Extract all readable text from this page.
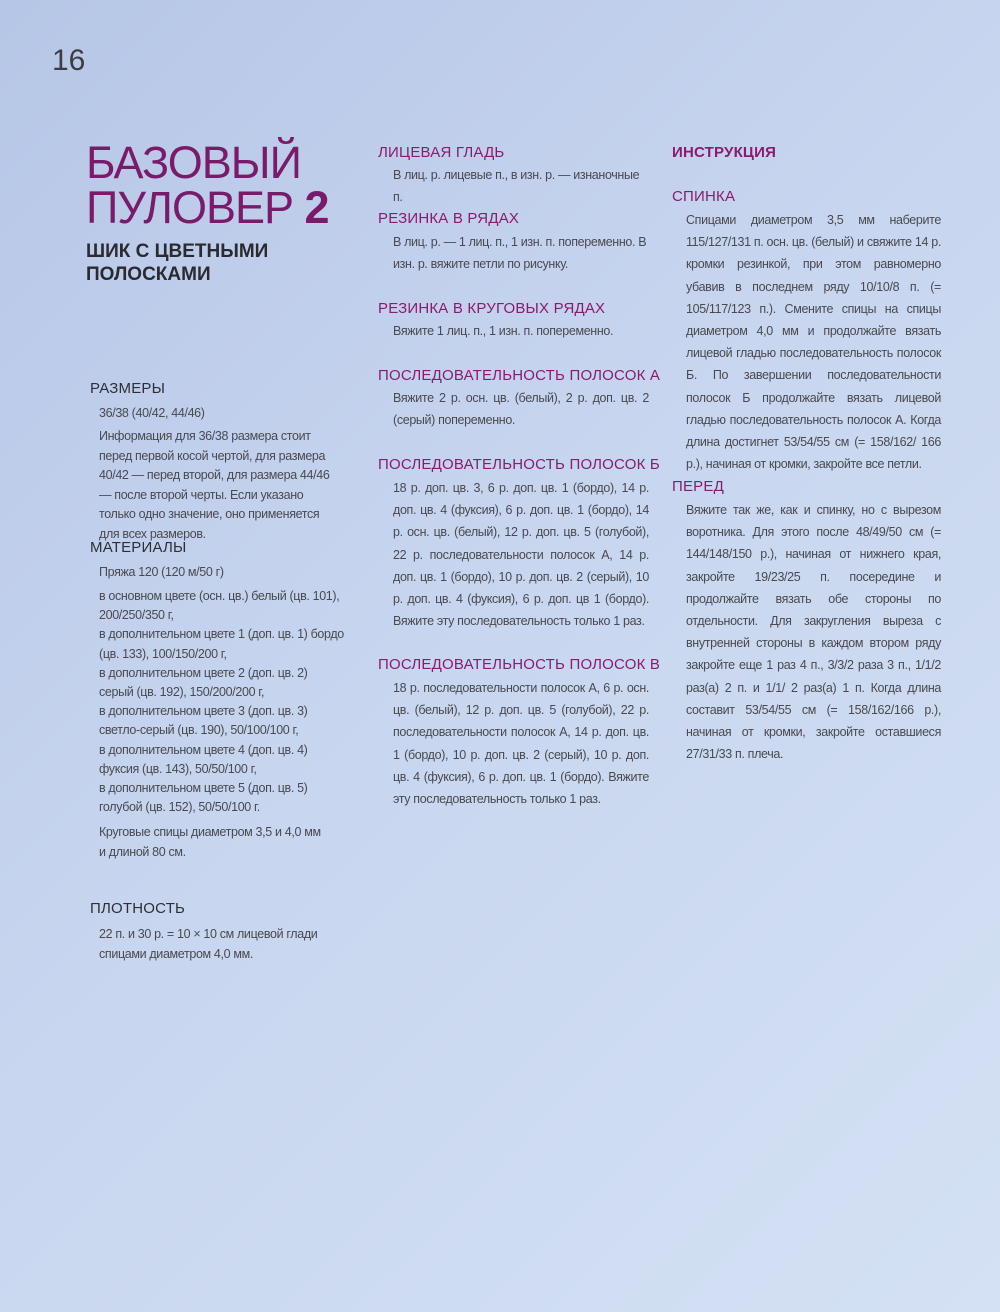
16
БАЗОВЫЙ
ПУЛОВЕР 2
ШИК С ЦВЕТНЫМИ
ПОЛОСКАМИ
РАЗМЕРЫ
36/38 (40/42, 44/46)
Информация для 36/38 размера стоит перед первой косой чертой, для размера 40/42 — перед второй, для размера 44/46 — после второй черты. Если указано только одно значение, оно применяется для всех размеров.
МАТЕРИАЛЫ
Пряжа 120 (120 м/50 г)
в основном цвете (осн. цв.) белый (цв. 101), 200/250/350 г,
в дополнительном цвете 1 (доп. цв. 1) бордо (цв. 133), 100/150/200 г,
в дополнительном цвете 2 (доп. цв. 2) серый (цв. 192), 150/200/200 г,
в дополнительном цвете 3 (доп. цв. 3) светло-серый (цв. 190), 50/100/100 г,
в дополнительном цвете 4 (доп. цв. 4) фуксия (цв. 143), 50/50/100 г,
в дополнительном цвете 5 (доп. цв. 5) голубой (цв. 152), 50/50/100 г.
Круговые спицы диаметром 3,5 и 4,0 мм и длиной 80 см.
ПЛОТНОСТЬ
22 п. и 30 р. = 10 × 10 см лицевой глади спицами диаметром 4,0 мм.
ЛИЦЕВАЯ ГЛАДЬ
В лиц. р. лицевые п., в изн. р. — изнаночные п.
РЕЗИНКА В РЯДАХ
В лиц. р. — 1 лиц. п., 1 изн. п. попеременно. В изн. р. вяжите петли по рисунку.
РЕЗИНКА В КРУГОВЫХ РЯДАХ
Вяжите 1 лиц. п., 1 изн. п. попеременно.
ПОСЛЕДОВАТЕЛЬНОСТЬ ПОЛОСОК А
Вяжите 2 р. осн. цв. (белый), 2 р. доп. цв. 2 (серый) попеременно.
ПОСЛЕДОВАТЕЛЬНОСТЬ ПОЛОСОК Б
18 р. доп. цв. 3, 6 р. доп. цв. 1 (бордо), 14 р. доп. цв. 4 (фуксия), 6 р. доп. цв. 1 (бордо), 14 р. осн. цв. (белый), 12 р. доп. цв. 5 (голубой), 22 р. последовательности полосок А, 14 р. доп. цв. 1 (бордо), 10 р. доп. цв. 2 (серый), 10 р. доп. цв. 4 (фуксия), 6 р. доп. цв 1 (бордо). Вяжите эту последовательность только 1 раз.
ПОСЛЕДОВАТЕЛЬНОСТЬ ПОЛОСОК В
18 р. последовательности полосок А, 6 р. осн. цв. (белый), 12 р. доп. цв. 5 (голубой), 22 р. последовательности полосок А, 14 р. доп. цв. 1 (бордо), 10 р. доп. цв. 2 (серый), 10 р. доп. цв. 4 (фуксия), 6 р. доп. цв. 1 (бордо). Вяжите эту последовательность только 1 раз.
ИНСТРУКЦИЯ
СПИНКА
Спицами диаметром 3,5 мм наберите 115/127/131 п. осн. цв. (белый) и свяжите 14 р. кромки резинкой, при этом равномерно убавив в последнем ряду 10/10/8 п. (= 105/117/123 п.). Смените спицы на спицы диаметром 4,0 мм и продолжайте вязать лицевой гладью последовательность полосок Б. По завершении последовательности полосок Б продолжайте вязать лицевой гладью последовательность полосок А. Когда длина достигнет 53/54/55 см (= 158/162/ 166 р.), начиная от кромки, закройте все петли.
ПЕРЕД
Вяжите так же, как и спинку, но с вырезом воротника. Для этого после 48/49/50 см (= 144/148/150 р.), начиная от нижнего края, закройте 19/23/25 п. посередине и продолжайте вязать обе стороны по отдельности. Для закругления выреза с внутренней стороны в каждом втором ряду закройте еще 1 раз 4 п., 3/3/2 раза 3 п., 1/1/2 раз(а) 2 п. и 1/1/ 2 раз(а) 1 п. Когда длина составит 53/54/55 см (= 158/162/166 р.), начиная от кромки, закройте оставшиеся 27/31/33 п. плеча.
